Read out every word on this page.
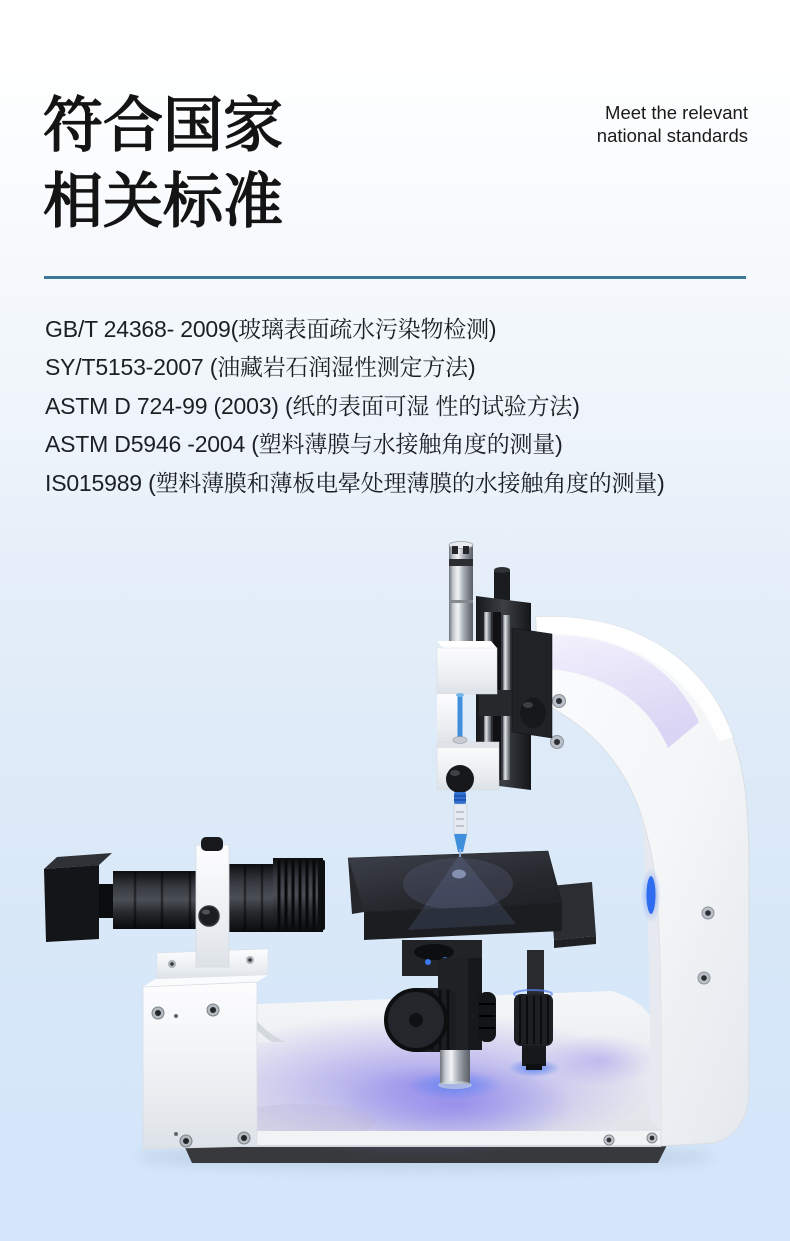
符合国家
相关标准
Meet the relevant
national standards
GB/T 24368- 2009(玻璃表面疏水污染物检测)
SY/T5153-2007 (油藏岩石润湿性测定方法)
ASTM D 724-99 (2003) (纸的表面可湿 性的试验方法)
ASTM D5946 -2004 (塑料薄膜与水接触角度的测量)
IS015989 (塑料薄膜和薄板电晕处理薄膜的水接触角度的测量)
